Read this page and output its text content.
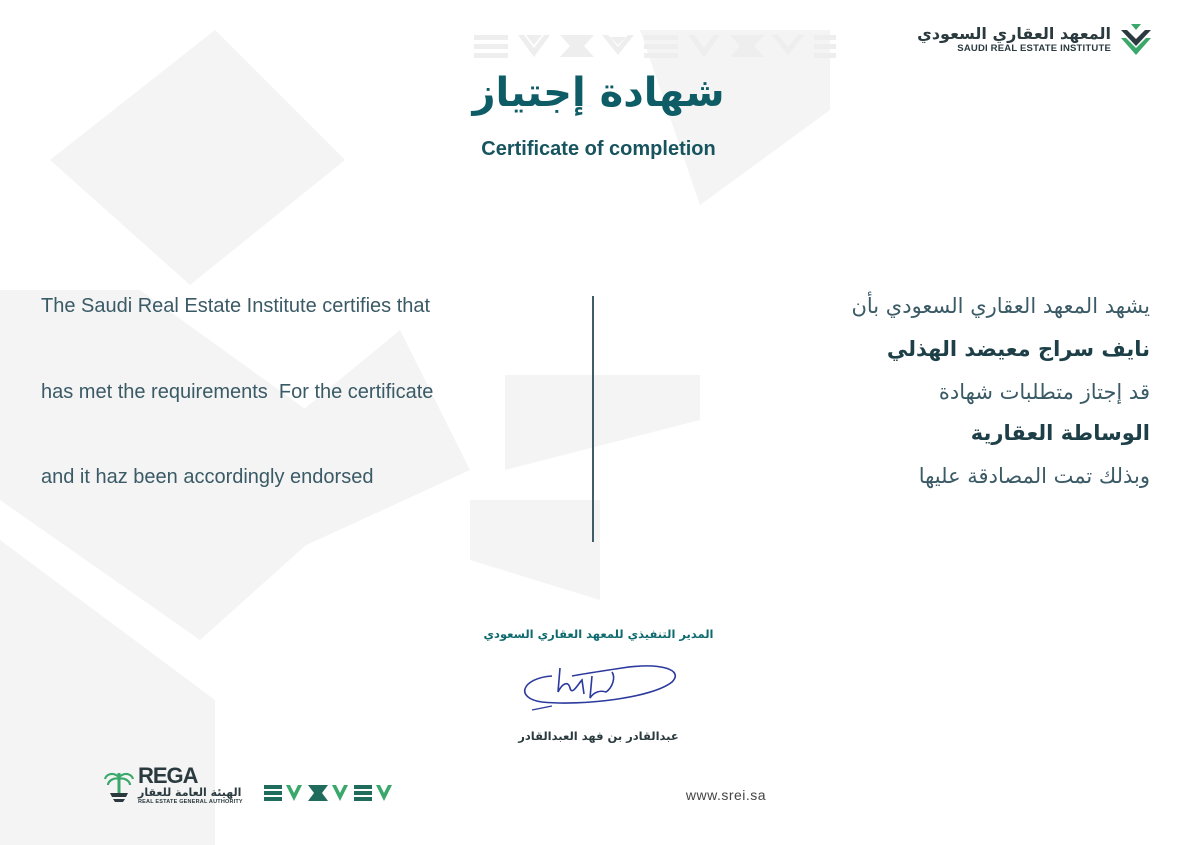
المعهد العقاري السعودي
SAUDI REAL ESTATE INSTITUTE
شهادة إجتياز
Certificate of completion
The Saudi Real Estate Institute certifies that
has met the requirements  For the certificate
and it haz been accordingly endorsed
يشهد المعهد العقاري السعودي بأن
نايف سراج معيضد الهذلي
قد إجتاز متطلبات شهادة
الوساطة العقارية
وبذلك تمت المصادقة عليها
المدير التنفيذي للمعهد العقاري السعودي
عبدالقادر بن فهد العبدالقادر
REGA
الهيئة العامة للعقار
REAL ESTATE GENERAL AUTHORITY	www.srei.sa
